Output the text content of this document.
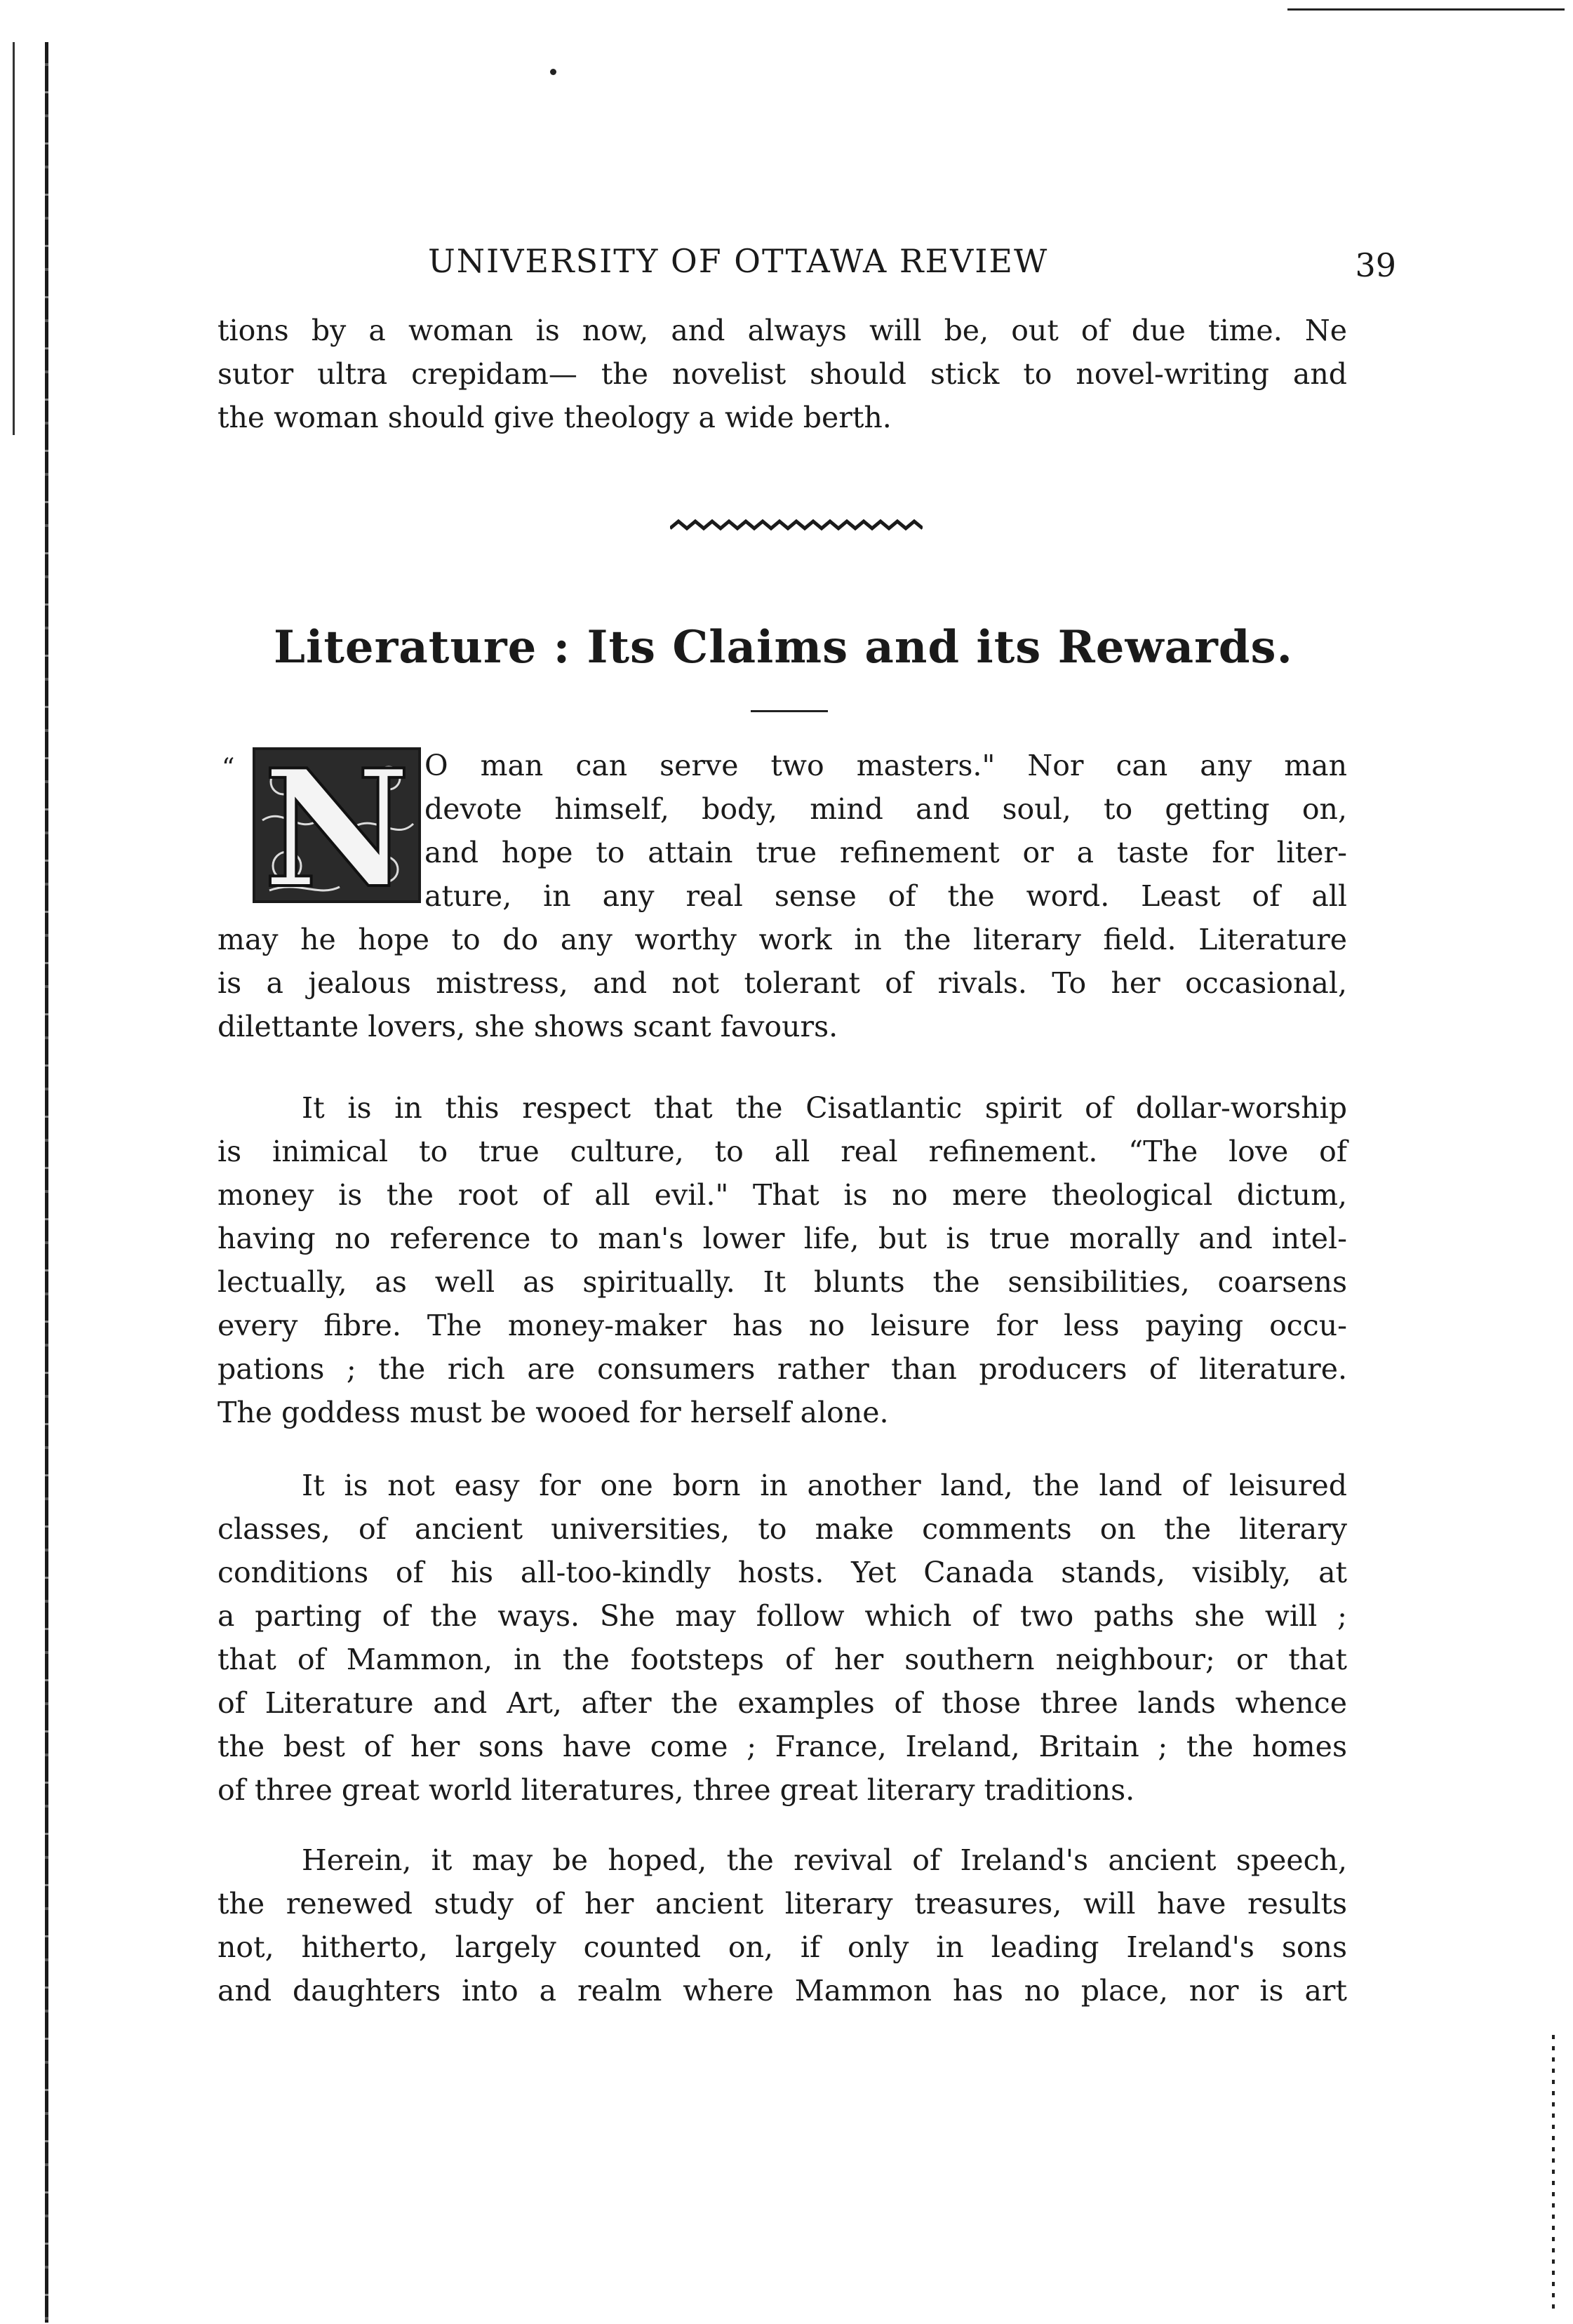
UNIVERSITY OF OTTAWA REVIEW	39
tions by a woman is now, and always will be, out of due time. Ne
sutor ultra crepidam— the novelist should stick to novel-writing and
the woman should give theology a wide berth.
Literature : Its Claims and its Rewards.
“ N O man can serve two masters." Nor can any man
devote himself, body, mind and soul, to getting on,
and hope to attain true refinement or a taste for liter-
ature, in any real sense of the word. Least of all
may he hope to do any worthy work in the literary field. Literature
is a jealous mistress, and not tolerant of rivals. To her occasional,
dilettante lovers, she shows scant favours.
It is in this respect that the Cisatlantic spirit of dollar-worship
is inimical to true culture, to all real refinement. “The love of
money is the root of all evil." That is no mere theological dictum,
having no reference to man's lower life, but is true morally and intel-
lectually, as well as spiritually. It blunts the sensibilities, coarsens
every fibre. The money-maker has no leisure for less paying occu-
pations ; the rich are consumers rather than producers of literature.
The goddess must be wooed for herself alone.
It is not easy for one born in another land, the land of leisured
classes, of ancient universities, to make comments on the literary
conditions of his all-too-kindly hosts. Yet Canada stands, visibly, at
a parting of the ways. She may follow which of two paths she will ;
that of Mammon, in the footsteps of her southern neighbour; or that
of Literature and Art, after the examples of those three lands whence
the best of her sons have come ; France, Ireland, Britain ; the homes
of three great world literatures, three great literary traditions.
Herein, it may be hoped, the revival of Ireland's ancient speech,
the renewed study of her ancient literary treasures, will have results
not, hitherto, largely counted on, if only in leading Ireland's sons
and daughters into a realm where Mammon has no place, nor is art
